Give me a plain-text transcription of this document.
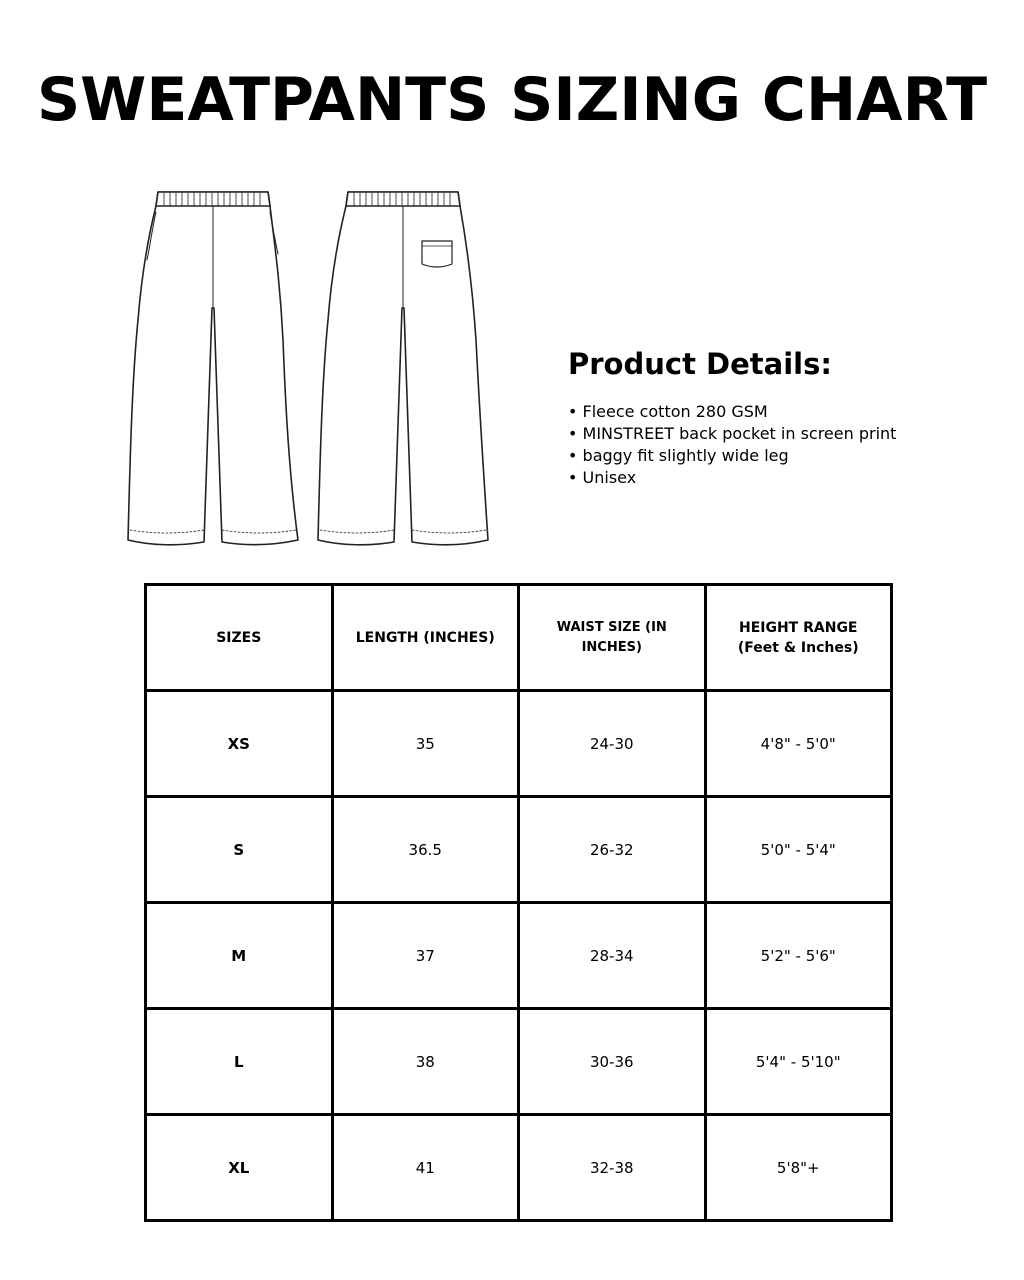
SWEATPANTS SIZING CHART
Product Details:
• Fleece cotton 280 GSM
• MINSTREET back pocket in screen print
• baggy fit slightly wide leg
• Unisex
SIZES	LENGTH (INCHES)	WAIST SIZE (IN INCHES)	HEIGHT RANGE (Feet & Inches)
XS	35	24-30	4'8" - 5'0"
S	36.5	26-32	5'0" - 5'4"
M	37	28-34	5'2" - 5'6"
L	38	30-36	5'4" - 5'10"
XL	41	32-38	5'8"+
